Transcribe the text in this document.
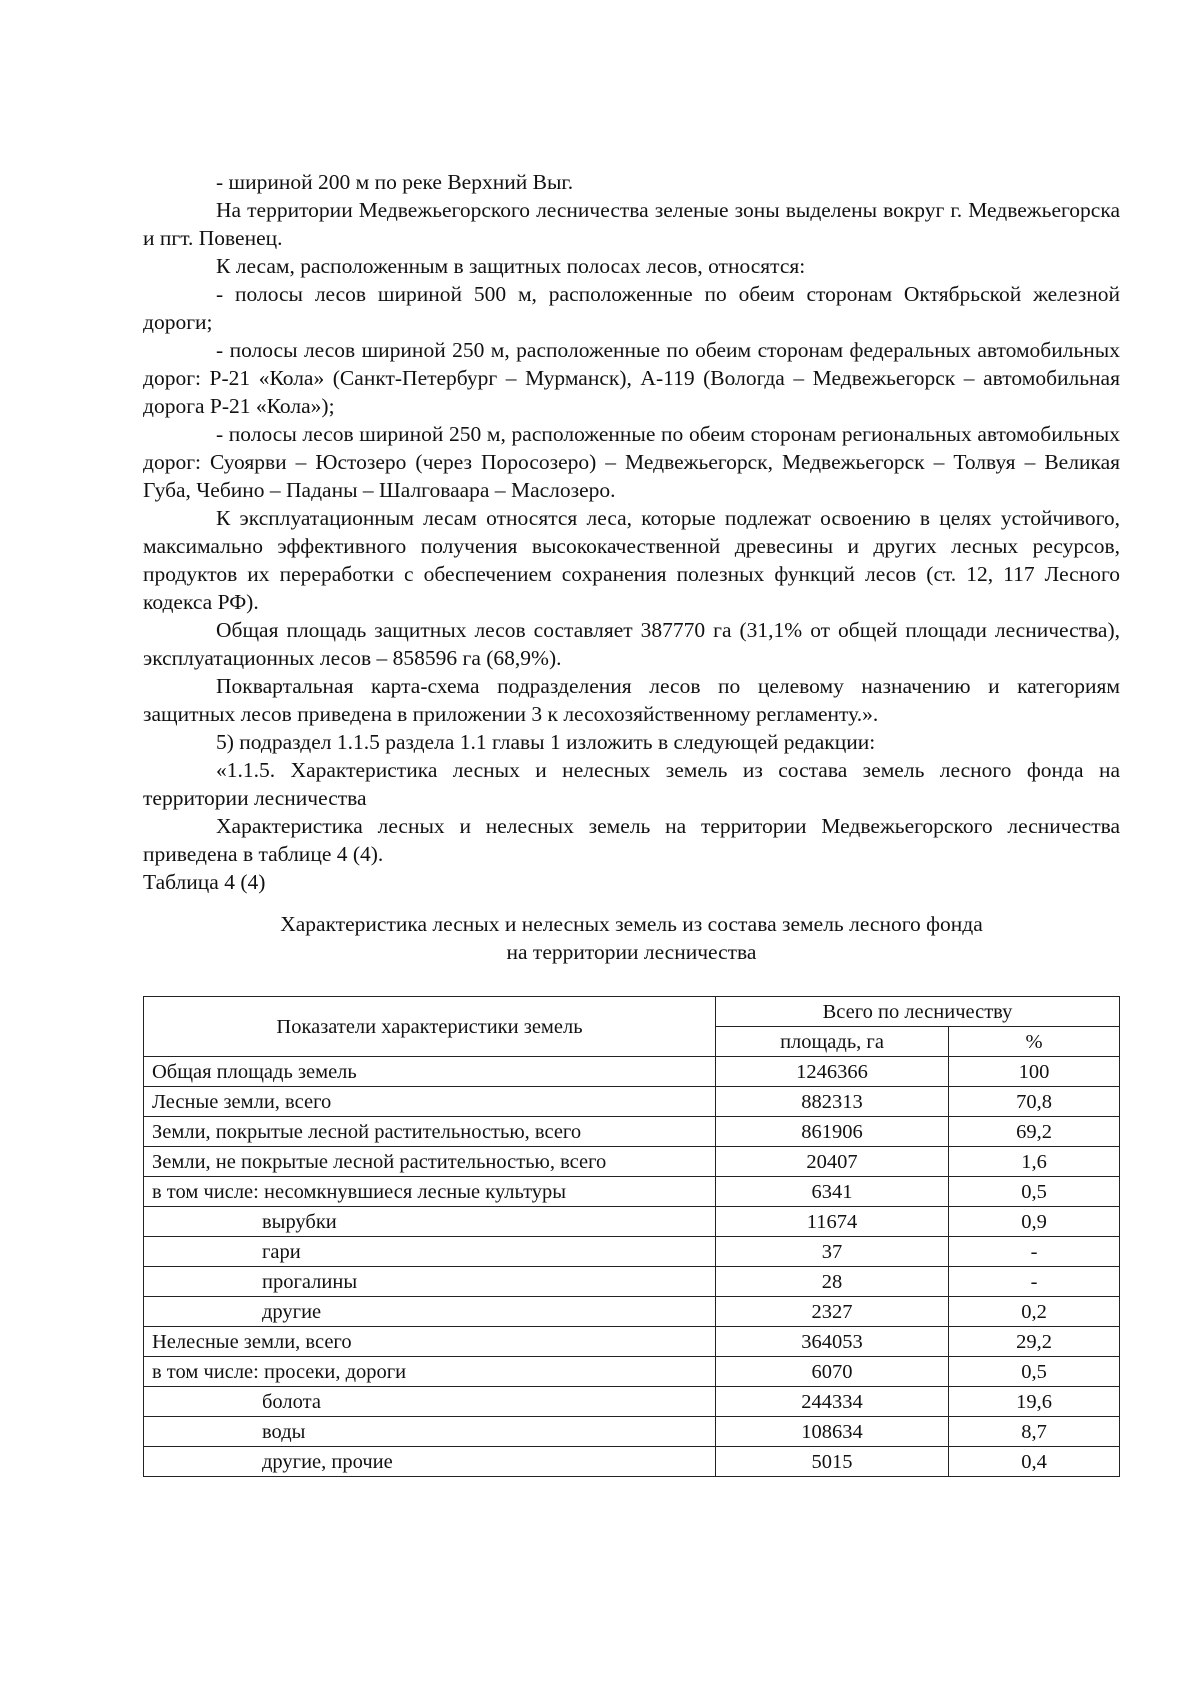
- шириной 200 м по реке Верхний Выг.

На территории Медвежьегорского лесничества зеленые зоны выделены вокруг г. Медвежьегорска и пгт. Повенец.

К лесам, расположенным в защитных полосах лесов, относятся:

- полосы лесов шириной 500 м, расположенные по обеим сторонам Октябрьской железной дороги;

- полосы лесов шириной 250 м, расположенные по обеим сторонам федеральных автомобильных дорог: Р-21 «Кола» (Санкт-Петербург – Мурманск), А-119 (Вологда – Медвежьегорск – автомобильная дорога Р-21 «Кола»);

- полосы лесов шириной 250 м, расположенные по обеим сторонам региональных автомобильных дорог: Суоярви – Юстозеро (через Поросозеро) – Медвежьегорск, Медвежьегорск – Толвуя – Великая Губа, Чебино – Паданы – Шалговаара – Маслозеро.

К эксплуатационным лесам относятся леса, которые подлежат освоению в целях устойчивого, максимально эффективного получения высококачественной древесины и других лесных ресурсов, продуктов их переработки с обеспечением сохранения полезных функций лесов (ст. 12, 117 Лесного кодекса РФ).

Общая площадь защитных лесов составляет 387770 га (31,1% от общей площади лесничества), эксплуатационных лесов – 858596 га (68,9%).

Поквартальная карта-схема подразделения лесов по целевому назначению и категориям защитных лесов приведена в приложении 3 к лесохозяйственному регламенту.».

5) подраздел 1.1.5 раздела 1.1 главы 1 изложить в следующей редакции:

«1.1.5. Характеристика лесных и нелесных земель из состава земель лесного фонда на территории лесничества

Характеристика лесных и нелесных земель на территории Медвежьегорского лесничества приведена в таблице 4 (4).

Таблица 4 (4)

Характеристика лесных и нелесных земель из состава земель лесного фонда
на территории лесничества

Показатели характеристики земель	Всего по лесничеству	
	площадь, га	%
Общая площадь земель	1246366	100
Лесные земли, всего	882313	70,8
Земли, покрытые лесной растительностью, всего	861906	69,2
Земли, не покрытые лесной растительностью, всего	20407	1,6
в том числе: несомкнувшиеся лесные культуры	6341	0,5
вырубки	11674	0,9
гари	37	-
прогалины	28	-
другие	2327	0,2
Нелесные земли, всего	364053	29,2
в том числе: просеки, дороги	6070	0,5
болота	244334	19,6
воды	108634	8,7
другие, прочие	5015	0,4
